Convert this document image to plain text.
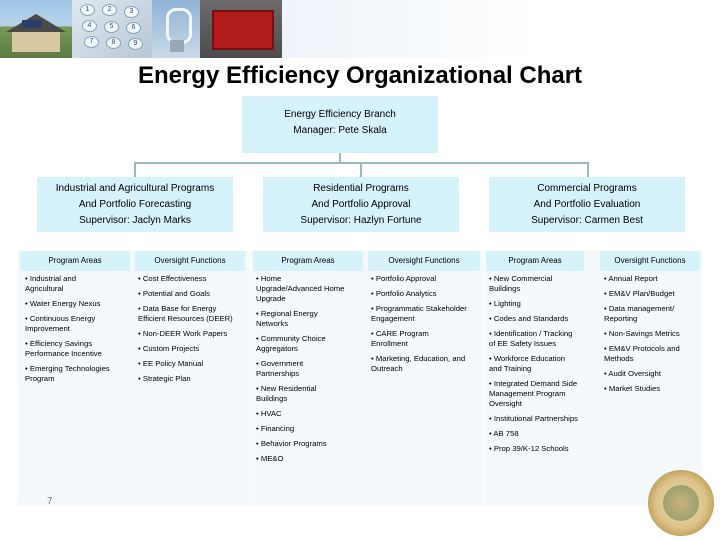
1	2	3
4	5	6
7	8	9
Energy Efficiency Organizational Chart
Energy Efficiency Branch
Manager: Pete Skala
Industrial and Agricultural Programs
And Portfolio Forecasting
Supervisor: Jaclyn Marks
Residential Programs
And Portfolio Approval
Supervisor: Hazlyn Fortune
Commercial Programs
And Portfolio Evaluation
Supervisor: Carmen Best
Program Areas	Oversight Functions	Program Areas	Oversight Functions	Program Areas	Oversight Functions
• Industrial and Agricultural
• Water Energy Nexus
• Continuous Energy Improvement
• Efficiency Savings Performance Incentive
• Emerging Technologies Program
• Cost Effectiveness
• Potential and Goals
• Data Base for Energy Efficient Resources (DEER)
• Non-DEER Work Papers
• Custom Projects
• EE Policy Manual
• Strategic Plan
• Home Upgrade/Advanced Home Upgrade
• Regional Energy Networks
• Community Choice Aggregators
• Government Partnerships
• New Residential Buildings
• HVAC
• Financing
• Behavior Programs
• ME&O
• Portfolio Approval
• Portfolio Analytics
• Programmatic Stakeholder Engagement
• CARE Program Enrollment
• Marketing, Education, and Outreach
• New Commercial Buildings
• Lighting
• Codes and Standards
• Identification / Tracking of EE Safety Issues
• Workforce Education and Training
• Integrated Demand Side Management Program Oversight
• Institutional Partnerships
• AB 758
• Prop 39/K-12 Schools
• Annual Report
• EM&V Plan/Budget
• Data management/ Reporting
• Non-Savings Metrics
• EM&V Protocols and Methods
• Audit Oversight
• Market Studies
7
